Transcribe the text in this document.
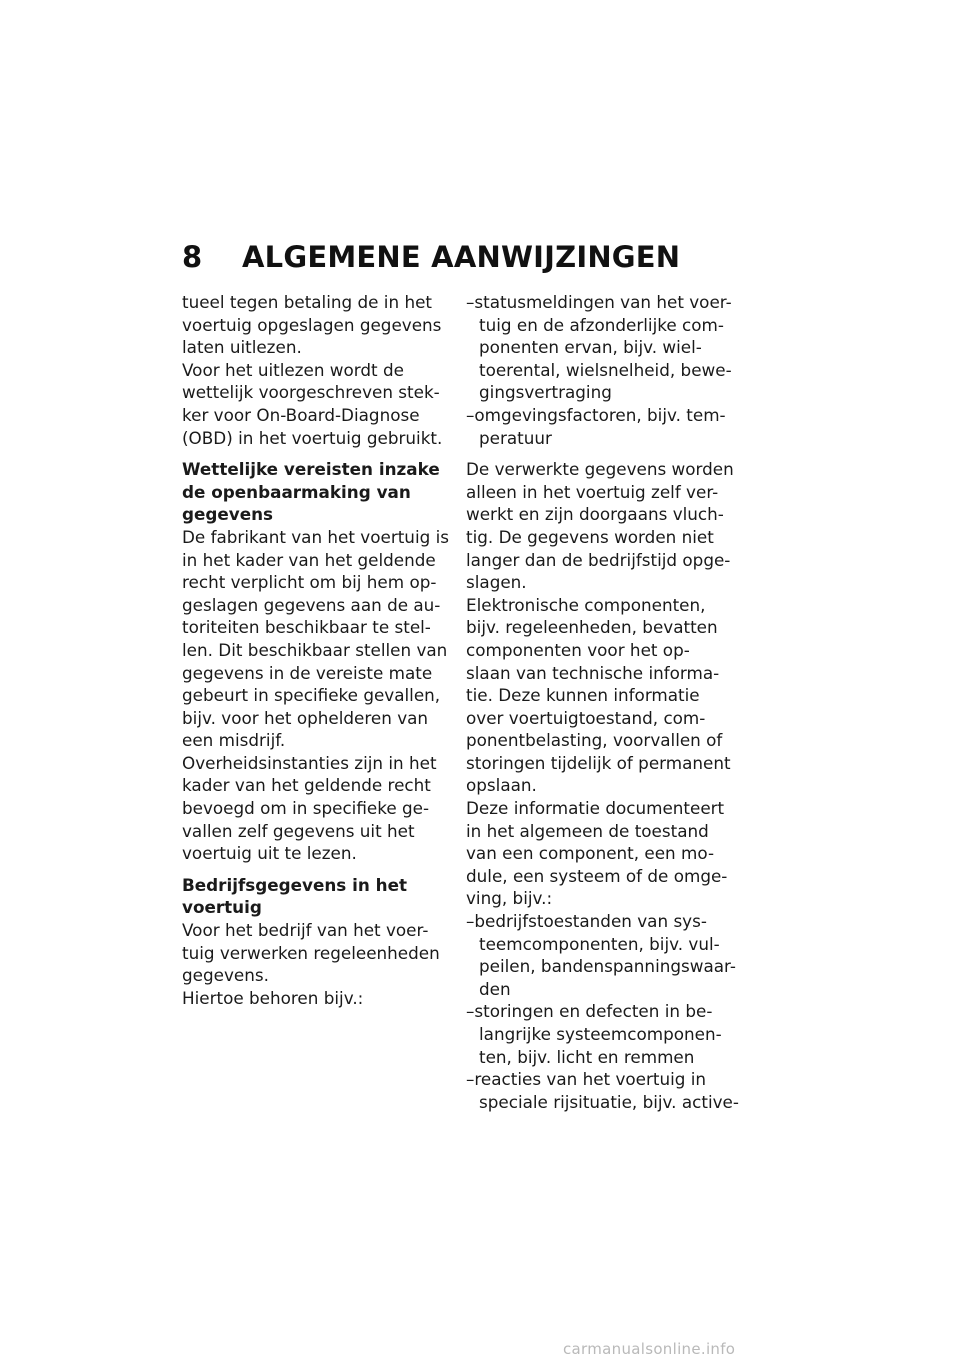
8	ALGEMENE AANWIJZINGEN
tueel tegen betaling de in het
voertuig opgeslagen gegevens
laten uitlezen.
Voor het uitlezen wordt de
wettelijk voorgeschreven stek-
ker voor On-Board-Diagnose
(OBD) in het voertuig gebruikt.
Wettelijke vereisten inzake
de openbaarmaking van
gegevens
De fabrikant van het voertuig is
in het kader van het geldende
recht verplicht om bij hem op-
geslagen gegevens aan de au-
toriteiten beschikbaar te stel-
len. Dit beschikbaar stellen van
gegevens in de vereiste mate
gebeurt in specifieke gevallen,
bijv. voor het ophelderen van
een misdrijf.
Overheidsinstanties zijn in het
kader van het geldende recht
bevoegd om in specifieke ge-
vallen zelf gegevens uit het
voertuig uit te lezen.
Bedrijfsgegevens in het
voertuig
Voor het bedrijf van het voer-
tuig verwerken regeleenheden
gegevens.
Hiertoe behoren bijv.:
–statusmeldingen van het voer-
tuig en de afzonderlijke com-
ponenten ervan, bijv. wiel-
toerental, wielsnelheid, bewe-
gingsvertraging
–omgevingsfactoren, bijv. tem-
peratuur
De verwerkte gegevens worden
alleen in het voertuig zelf ver-
werkt en zijn doorgaans vluch-
tig. De gegevens worden niet
langer dan de bedrijfstijd opge-
slagen.
Elektronische componenten,
bijv. regeleenheden, bevatten
componenten voor het op-
slaan van technische informa-
tie. Deze kunnen informatie
over voertuigtoestand, com-
ponentbelasting, voorvallen of
storingen tijdelijk of permanent
opslaan.
Deze informatie documenteert
in het algemeen de toestand
van een component, een mo-
dule, een systeem of de omge-
ving, bijv.:
–bedrijfstoestanden van sys-
teemcomponenten, bijv. vul-
peilen, bandenspanningswaar-
den
–storingen en defecten in be-
langrijke systeemcomponen-
ten, bijv. licht en remmen
–reacties van het voertuig in
speciale rijsituatie, bijv. active-
carmanualsonline.info
